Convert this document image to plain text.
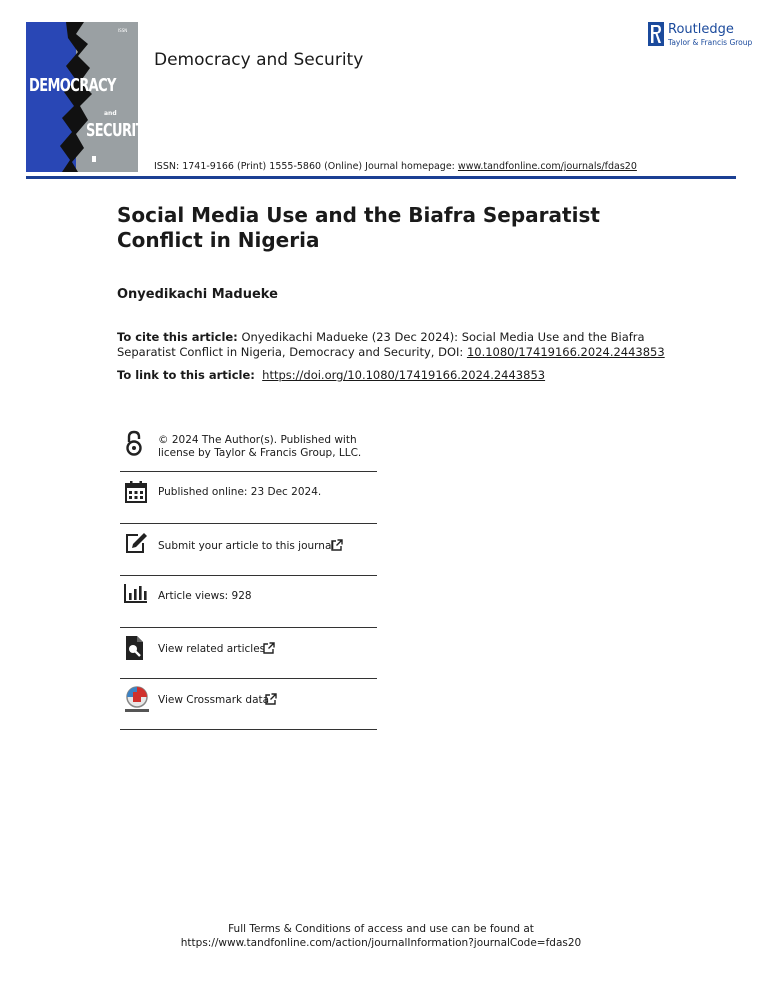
ISSN
DEMOCRACY
and
SECURITY
Democracy and Security
Routledge
Taylor & Francis Group
ISSN: 1741-9166 (Print) 1555-5860 (Online) Journal homepage: www.tandfonline.com/journals/fdas20
Social Media Use and the Biafra Separatist Conflict in Nigeria
Onyedikachi Madueke
To cite this article: Onyedikachi Madueke (23 Dec 2024): Social Media Use and the Biafra Separatist Conflict in Nigeria, Democracy and Security, DOI: 10.1080/17419166.2024.2443853
To link to this article: https://doi.org/10.1080/17419166.2024.2443853
© 2024 The Author(s). Published with
license by Taylor & Francis Group, LLC.
Published online: 23 Dec 2024.
Submit your article to this journal
Article views: 928
View related articles
View Crossmark data
Full Terms & Conditions of access and use can be found at
https://www.tandfonline.com/action/journalInformation?journalCode=fdas20
